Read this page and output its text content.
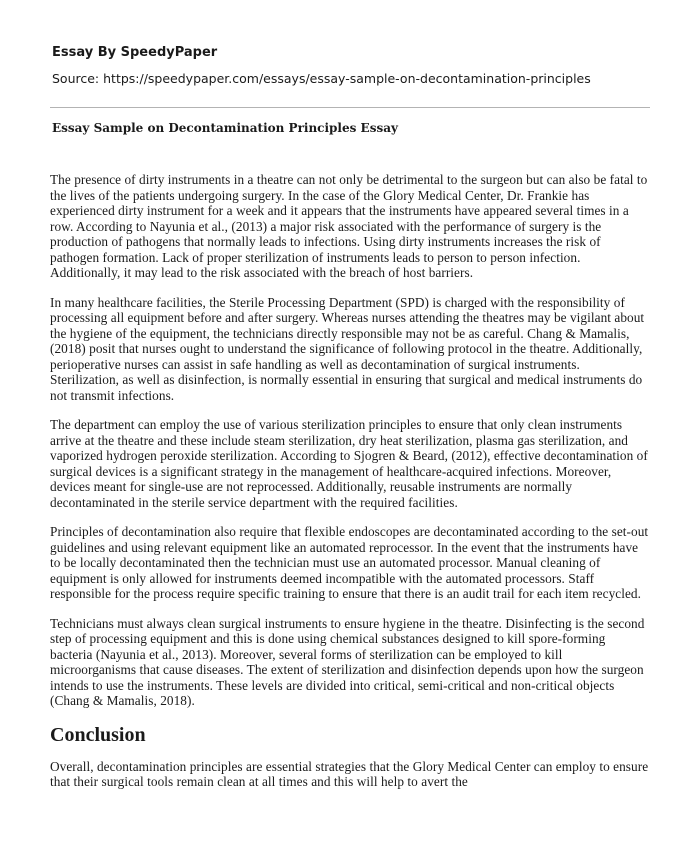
Essay By SpeedyPaper

Source: https://speedypaper.com/essays/essay-sample-on-decontamination-principles

Essay Sample on Decontamination Principles Essay

The presence of dirty instruments in a theatre can not only be detrimental to the surgeon but can also be fatal to the lives of the patients undergoing surgery. In the case of the Glory Medical Center, Dr. Frankie has experienced dirty instrument for a week and it appears that the instruments have appeared several times in a row. According to Nayunia et al., (2013) a major risk associated with the performance of surgery is the production of pathogens that normally leads to infections. Using dirty instruments increases the risk of pathogen formation. Lack of proper sterilization of instruments leads to person to person infection. Additionally, it may lead to the risk associated with the breach of host barriers.

In many healthcare facilities, the Sterile Processing Department (SPD) is charged with the responsibility of processing all equipment before and after surgery. Whereas nurses attending the theatres may be vigilant about the hygiene of the equipment, the technicians directly responsible may not be as careful. Chang & Mamalis, (2018) posit that nurses ought to understand the significance of following protocol in the theatre. Additionally, perioperative nurses can assist in safe handling as well as decontamination of surgical instruments. Sterilization, as well as disinfection, is normally essential in ensuring that surgical and medical instruments do not transmit infections.

The department can employ the use of various sterilization principles to ensure that only clean instruments arrive at the theatre and these include steam sterilization, dry heat sterilization, plasma gas sterilization, and vaporized hydrogen peroxide sterilization. According to Sjogren & Beard, (2012), effective decontamination of surgical devices is a significant strategy in the management of healthcare-acquired infections. Moreover, devices meant for single-use are not reprocessed. Additionally, reusable instruments are normally decontaminated in the sterile service department with the required facilities.

Principles of decontamination also require that flexible endoscopes are decontaminated according to the set-out guidelines and using relevant equipment like an automated reprocessor. In the event that the instruments have to be locally decontaminated then the technician must use an automated processor. Manual cleaning of equipment is only allowed for instruments deemed incompatible with the automated processors. Staff responsible for the process require specific training to ensure that there is an audit trail for each item recycled.

Technicians must always clean surgical instruments to ensure hygiene in the theatre. Disinfecting is the second step of processing equipment and this is done using chemical substances designed to kill spore-forming bacteria (Nayunia et al., 2013). Moreover, several forms of sterilization can be employed to kill microorganisms that cause diseases. The extent of sterilization and disinfection depends upon how the surgeon intends to use the instruments. These levels are divided into critical, semi-critical and non-critical objects (Chang & Mamalis, 2018).

Conclusion

Overall, decontamination principles are essential strategies that the Glory Medical Center can employ to ensure that their surgical tools remain clean at all times and this will help to avert the
